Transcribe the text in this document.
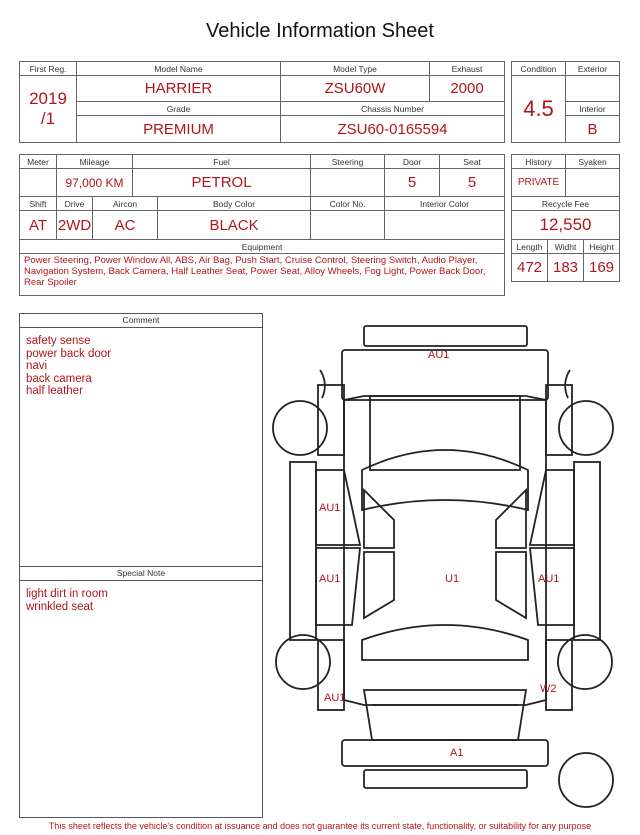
Vehicle Information Sheet
First Reg.	Model Name	Model Type	Exhaust

2019
/1	HARRIER	ZSU60W	2000
	Grade	Chassis Number	
	PREMIUM	ZSU60-0165594	
Condition	Exterior
4.5	
	Interior
	B
Meter	Mileage		Fuel		Steering	Door	Seat
	97,000 KM		PETROL			5	5
Shift	Drive	Aircon		Body Color	Color No.	Interior Color	
AT	2WD	AC		BLACK			
Equipment							
Power Steering, Power Window All, ABS, Air Bag, Push Start, Cruise Control, Steering Switch, Audio Player, Navigation System, Back Camera, Half Leather Seat, Power Seat, Alloy Wheels, Fog Light, Power Back Door, Rear Spoiler							
History		Syaken	
PRIVATE			
Recycle Fee			
12,550			
Length	Widht		Height
472	183		169
Comment
safety sense
power back door
navi
back camera
half leather
Special Note
light dirt in room
wrinkled seat
AU1
AU1
AU1	U1	AU1
W2
AU1
A1
This sheet reflects the vehicle's condition at issuance and does not guarantee its current state, functionality, or suitability for any purpose
